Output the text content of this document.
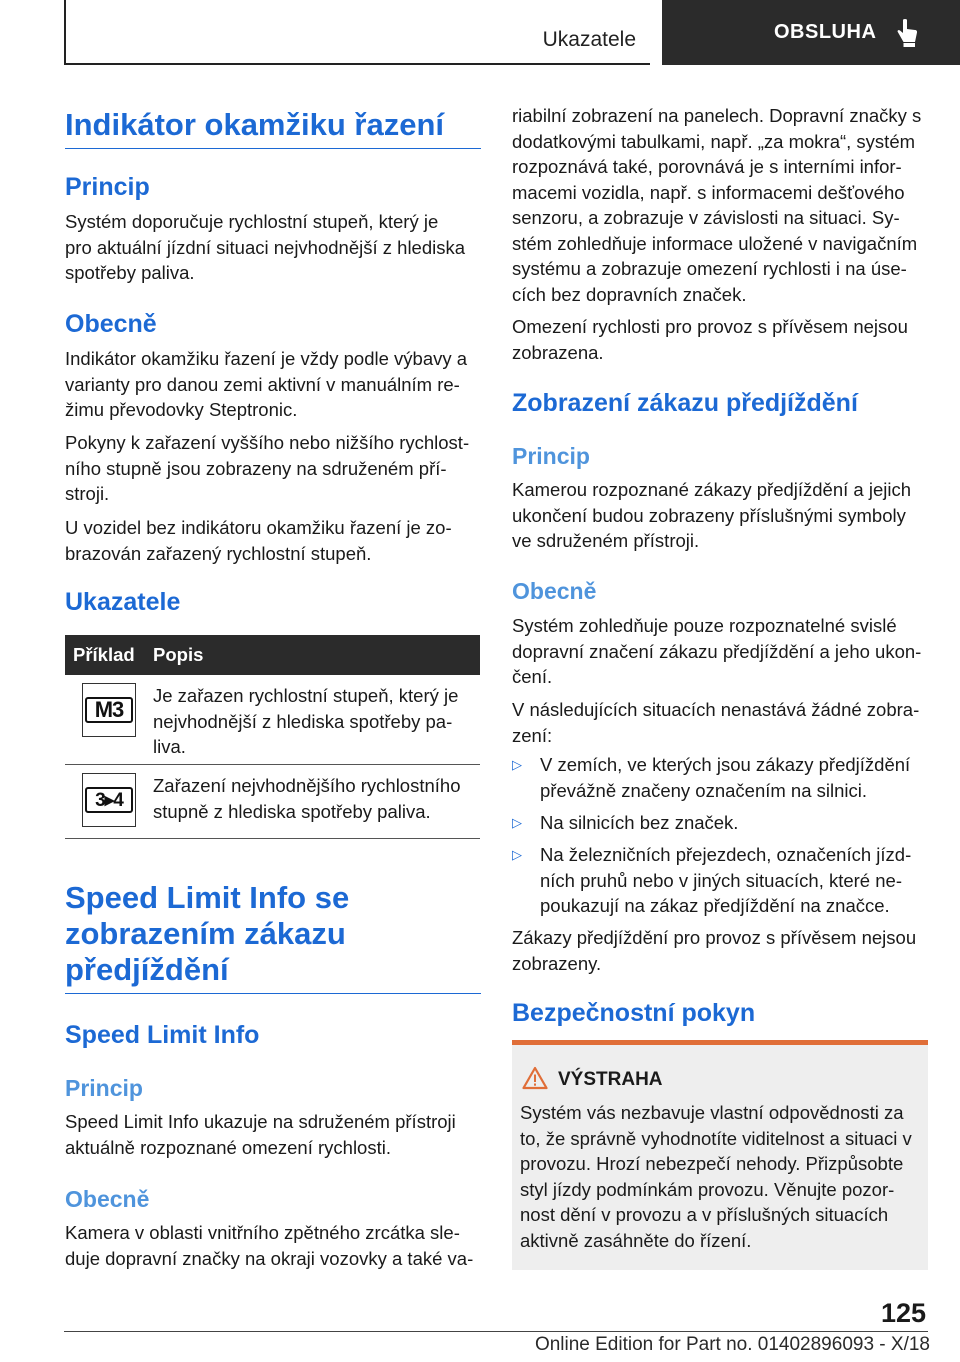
Ukazatele	OBSLUHA
Indikátor okamžiku řazení
Princip

Systém doporučuje rychlostní stupeň, který je

pro aktuální jízdní situaci nejvhodnější z hlediska

spotřeby paliva.

Obecně

Indikátor okamžiku řazení je vždy podle výbavy a

varianty pro danou zemi aktivní v manuálním re‐

žimu převodovky Steptronic.

Pokyny k zařazení vyššího nebo nižšího rychlost‐

ního stupně jsou zobrazeny na sdruženém pří‐

stroji.

U vozidel bez indikátoru okamžiku řazení je zo‐

brazován zařazený rychlostní stupeň.

Ukazatele
Příklad Popis
M3

Je zařazen rychlostní stupeň, který je

nejvhodnější z hlediska spotřeby pa‐

liva.

3▸4

Zařazení nejvhodnějšího rychlostního

stupně z hlediska spotřeby paliva.

Speed Limit Info se
zobrazením zákazu
předjíždění
Speed Limit Info
Princip

Speed Limit Info ukazuje na sdruženém přístroji

aktuálně rozpoznané omezení rychlosti.

Obecně

Kamera v oblasti vnitřního zpětného zrcátka sle‐

duje dopravní značky na okraji vozovky a také va‐

riabilní zobrazení na panelech. Dopravní značky s

dodatkovými tabulkami, např. „za mokra“, systém

rozpoznává také, porovnává je s interními infor‐

macemi vozidla, např. s informacemi dešťového

senzoru, a zobrazuje v závislosti na situaci. Sy‐

stém zohledňuje informace uložené v navigačním

systému a zobrazuje omezení rychlosti i na úse‐

cích bez dopravních značek.

Omezení rychlosti pro provoz s přívěsem nejsou

zobrazena.

Zobrazení zákazu předjíždění
Princip

Kamerou rozpoznané zákazy předjíždění a jejich

ukončení budou zobrazeny příslušnými symboly

ve sdruženém přístroji.

Obecně

Systém zohledňuje pouze rozpoznatelné svislé

dopravní značení zákazu předjíždění a jeho ukon‐

čení.

V následujících situacích nenastává žádné zobra‐

zení:

▷ V zemích, ve kterých jsou zákazy předjíždění

převážně značeny označením na silnici.

▷ Na silnicích bez značek.

▷ Na železničních přejezdech, označeních jízd‐

ních pruhů nebo v jiných situacích, které ne‐

poukazují na zákaz předjíždění na značce.

Zákazy předjíždění pro provoz s přívěsem nejsou

zobrazeny.

Bezpečnostní pokyn
VÝSTRAHA

Systém vás nezbavuje vlastní odpovědnosti za

to, že správně vyhodnotíte viditelnost a situaci v

provozu. Hrozí nebezpečí nehody. Přizpůsobte

styl jízdy podmínkám provozu. Věnujte pozor‐

nost dění v provozu a v příslušných situacích

aktivně zasáhněte do řízení.

125
Online Edition for Part no. 01402896093 - X/18
